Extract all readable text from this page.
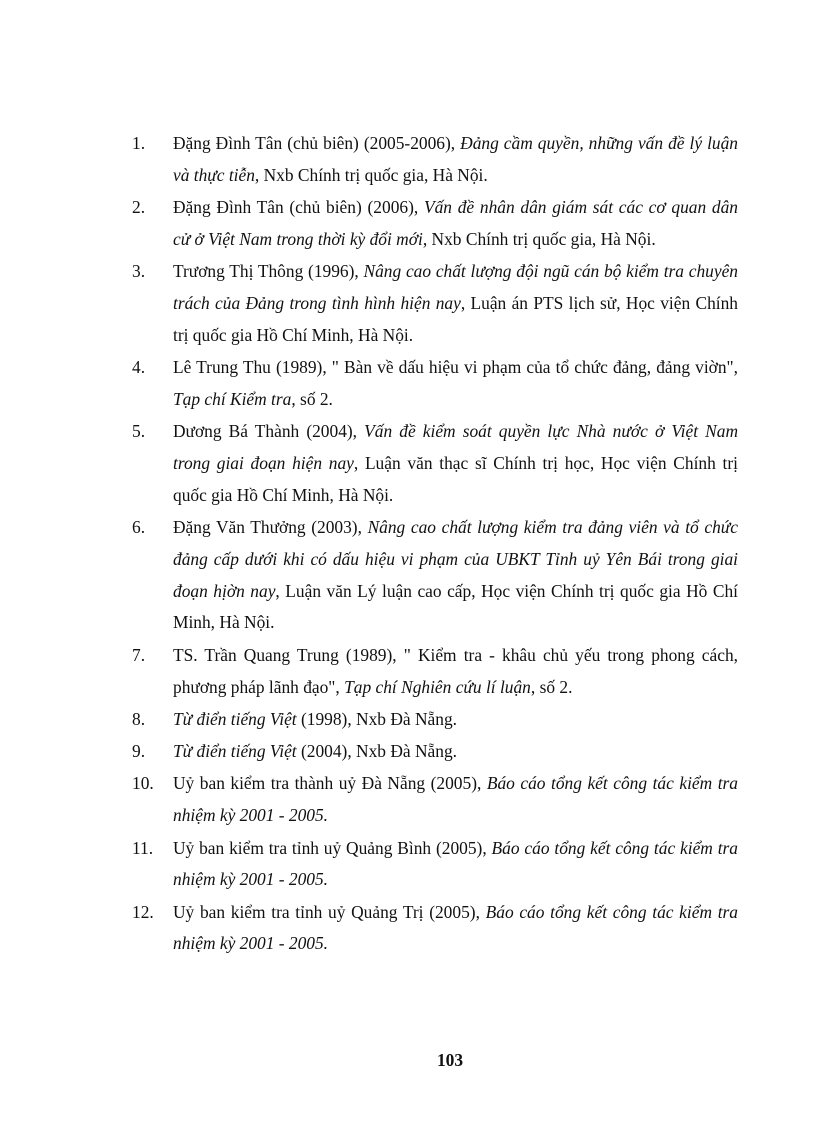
1.	Đặng Đình Tân (chủ biên) (2005-2006), Đảng cầm quyền, những vấn đề lý luận và thực tiễn, Nxb Chính trị quốc gia, Hà Nội.
2.	Đặng Đình Tân (chủ biên) (2006), Vấn đề nhân dân giám sát các cơ quan dân cử ở Việt Nam trong thời kỳ đổi mới, Nxb Chính trị quốc gia, Hà Nội.
3.	Trương Thị Thông (1996), Nâng cao chất lượng đội ngũ cán bộ kiểm tra chuyên trách của Đảng trong tình hình hiện nay, Luận án PTS lịch sử, Học viện Chính trị quốc gia Hồ Chí Minh, Hà Nội.
4.	Lê Trung Thu (1989), " Bàn về dấu hiệu vi phạm của tổ chức đảng, đảng viờn", Tạp chí Kiểm tra, số 2.
5.	Dương Bá Thành (2004), Vấn đề kiểm soát quyền lực Nhà nước ở Việt Nam trong giai đoạn hiện nay, Luận văn thạc sĩ Chính trị học, Học viện Chính trị quốc gia Hồ Chí Minh, Hà Nội.
6.	Đặng Văn Thưởng (2003), Nâng cao chất lượng kiểm tra đảng viên và tổ chức đảng cấp dưới khi có dấu hiệu vi phạm của UBKT Tỉnh uỷ Yên Bái trong giai đoạn hịờn nay, Luận văn Lý luận cao cấp, Học viện Chính trị quốc gia Hồ Chí Minh, Hà Nội.
7.	TS. Trần Quang Trung (1989), " Kiểm tra - khâu chủ yếu trong phong cách, phương pháp lãnh đạo", Tạp chí Nghiên cứu lí luận, số 2.
8.	Từ điển tiếng Việt (1998), Nxb Đà Nẵng.
9.	Từ điển tiếng Việt (2004), Nxb Đà Nẵng.
10.	Uỷ ban kiểm tra thành uỷ Đà Nẵng (2005), Báo cáo tổng kết công tác kiểm tra nhiệm kỳ 2001 - 2005.
11.	Uỷ ban kiểm tra tỉnh uỷ Quảng Bình (2005), Báo cáo tổng kết công tác kiểm tra nhiệm kỳ 2001 - 2005.
12.	Uỷ ban kiểm tra tỉnh uỷ Quảng Trị (2005), Báo cáo tổng kết công tác kiểm tra nhiệm kỳ 2001 - 2005.
103
